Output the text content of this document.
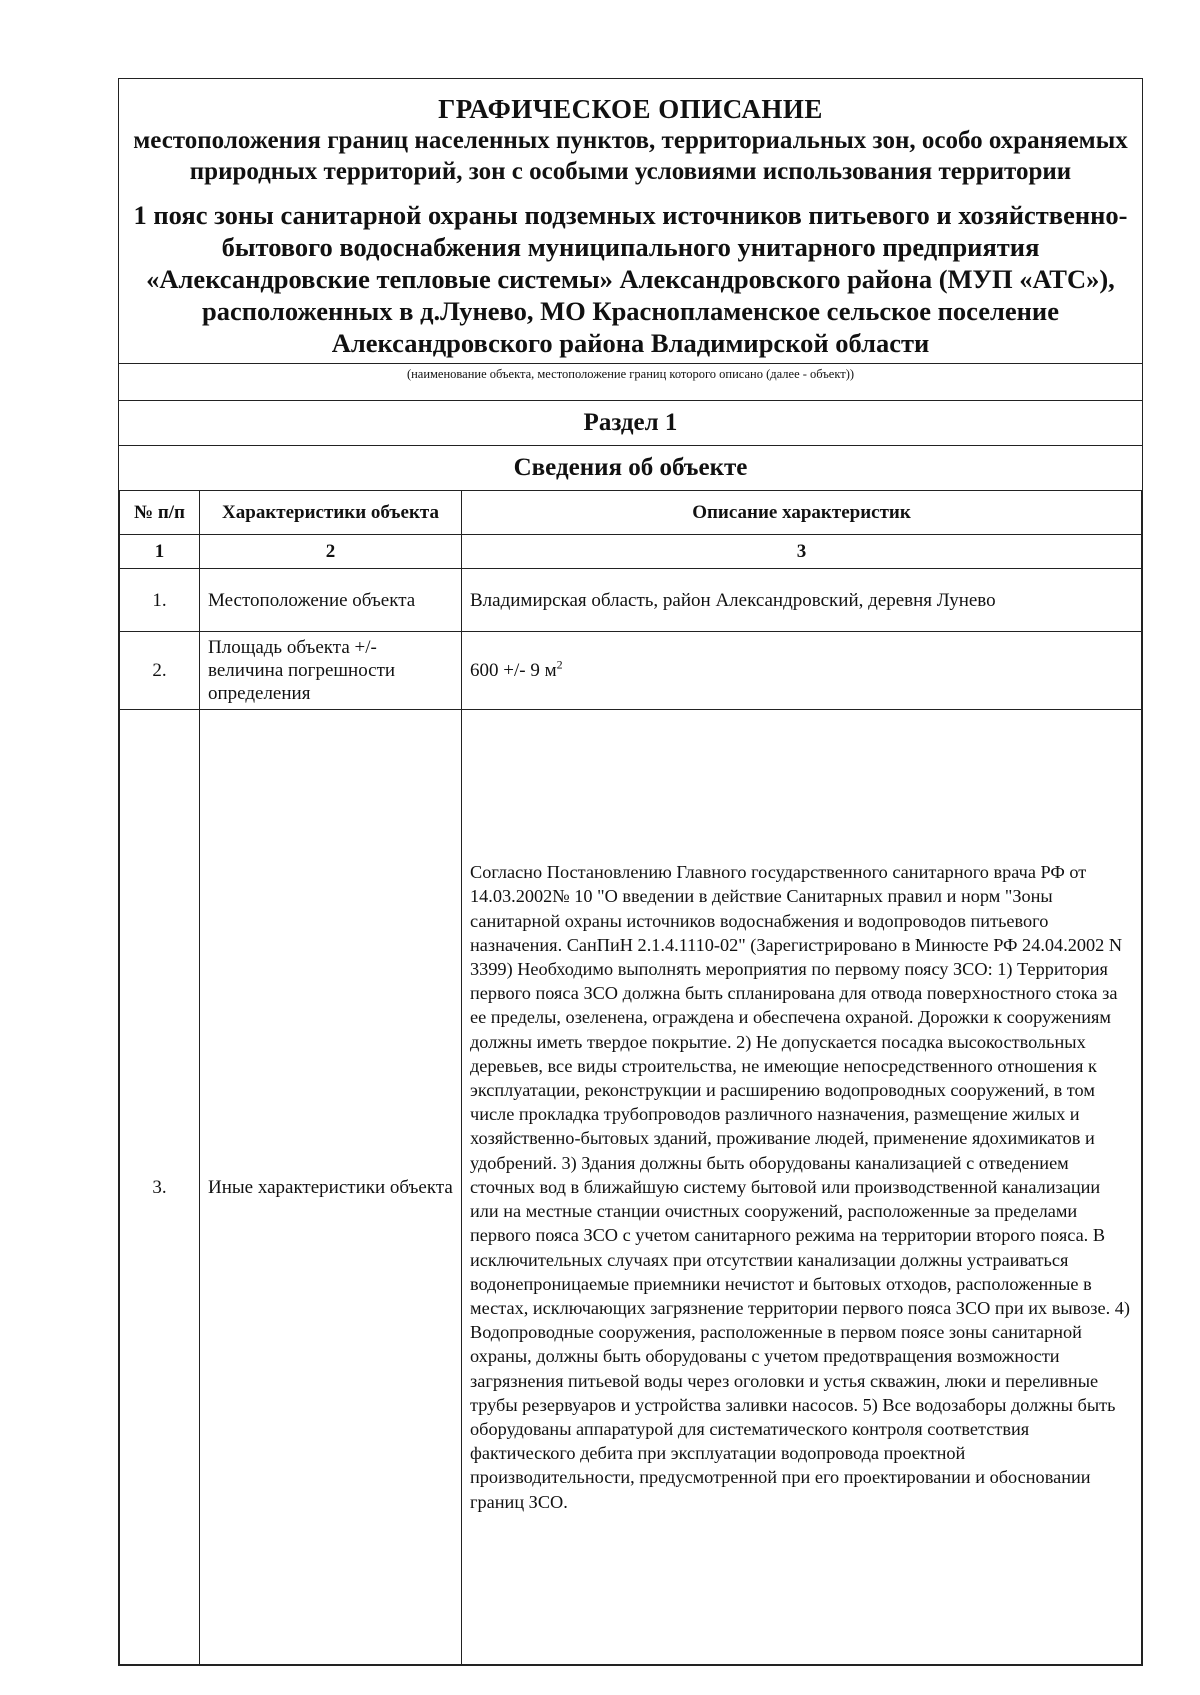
ГРАФИЧЕСКОЕ ОПИСАНИЕ
местоположения границ населенных пунктов, территориальных зон, особо охраняемых природных территорий, зон с особыми условиями использования территории
1 пояс зоны санитарной охраны подземных источников питьевого и хозяйственно-бытового водоснабжения муниципального унитарного предприятия «Александровские тепловые системы» Александровского района (МУП «АТС»), расположенных в д.Лунево, МО Краснопламенское сельское поселение Александровского района Владимирской области
(наименование объекта, местоположение границ которого описано (далее - объект))
Раздел 1
Сведения об объекте
№ п/п	Характеристики объекта	Описание характеристик
1	2	3
1.	Местоположение объекта	Владимирская область, район Александровский, деревня Лунево
2.	Площадь объекта +/- величина погрешности определения	600 +/- 9 $м^2$
3.	Иные характеристики объекта	Согласно Постановлению Главного государственного санитарного врача РФ от 14.03.2002№ 10 "О введении в действие Санитарных правил и норм "Зоны санитарной охраны источников водоснабжения и водопроводов питьевого назначения. СанПиН 2.1.4.1110-02" (Зарегистрировано в Минюсте РФ 24.04.2002 N 3399) Необходимо выполнять мероприятия по первому поясу ЗСО: 1) Территория первого пояса ЗСО должна быть спланирована для отвода поверхностного стока за ее пределы, озеленена, ограждена и обеспечена охраной. Дорожки к сооружениям должны иметь твердое покрытие. 2) Не допускается посадка высокоствольных деревьев, все виды строительства, не имеющие непосредственного отношения к эксплуатации, реконструкции и расширению водопроводных сооружений, в том числе прокладка трубопроводов различного назначения, размещение жилых и хозяйственно-бытовых зданий, проживание людей, применение ядохимикатов и удобрений. 3) Здания должны быть оборудованы канализацией с отведением сточных вод в ближайшую систему бытовой или производственной канализации или на местные станции очистных сооружений, расположенные за пределами первого пояса ЗСО с учетом санитарного режима на территории второго пояса. В исключительных случаях при отсутствии канализации должны устраиваться водонепроницаемые приемники нечистот и бытовых отходов, расположенные в местах, исключающих загрязнение территории первого пояса ЗСО при их вывозе. 4) Водопроводные сооружения, расположенные в первом поясе зоны санитарной охраны, должны быть оборудованы с учетом предотвращения возможности загрязнения питьевой воды через оголовки и устья скважин, люки и переливные трубы резервуаров и устройства заливки насосов. 5) Все водозаборы должны быть оборудованы аппаратурой для систематического контроля соответствия фактического дебита при эксплуатации водопровода проектной производительности, предусмотренной при его проектировании и обосновании границ ЗСО.
